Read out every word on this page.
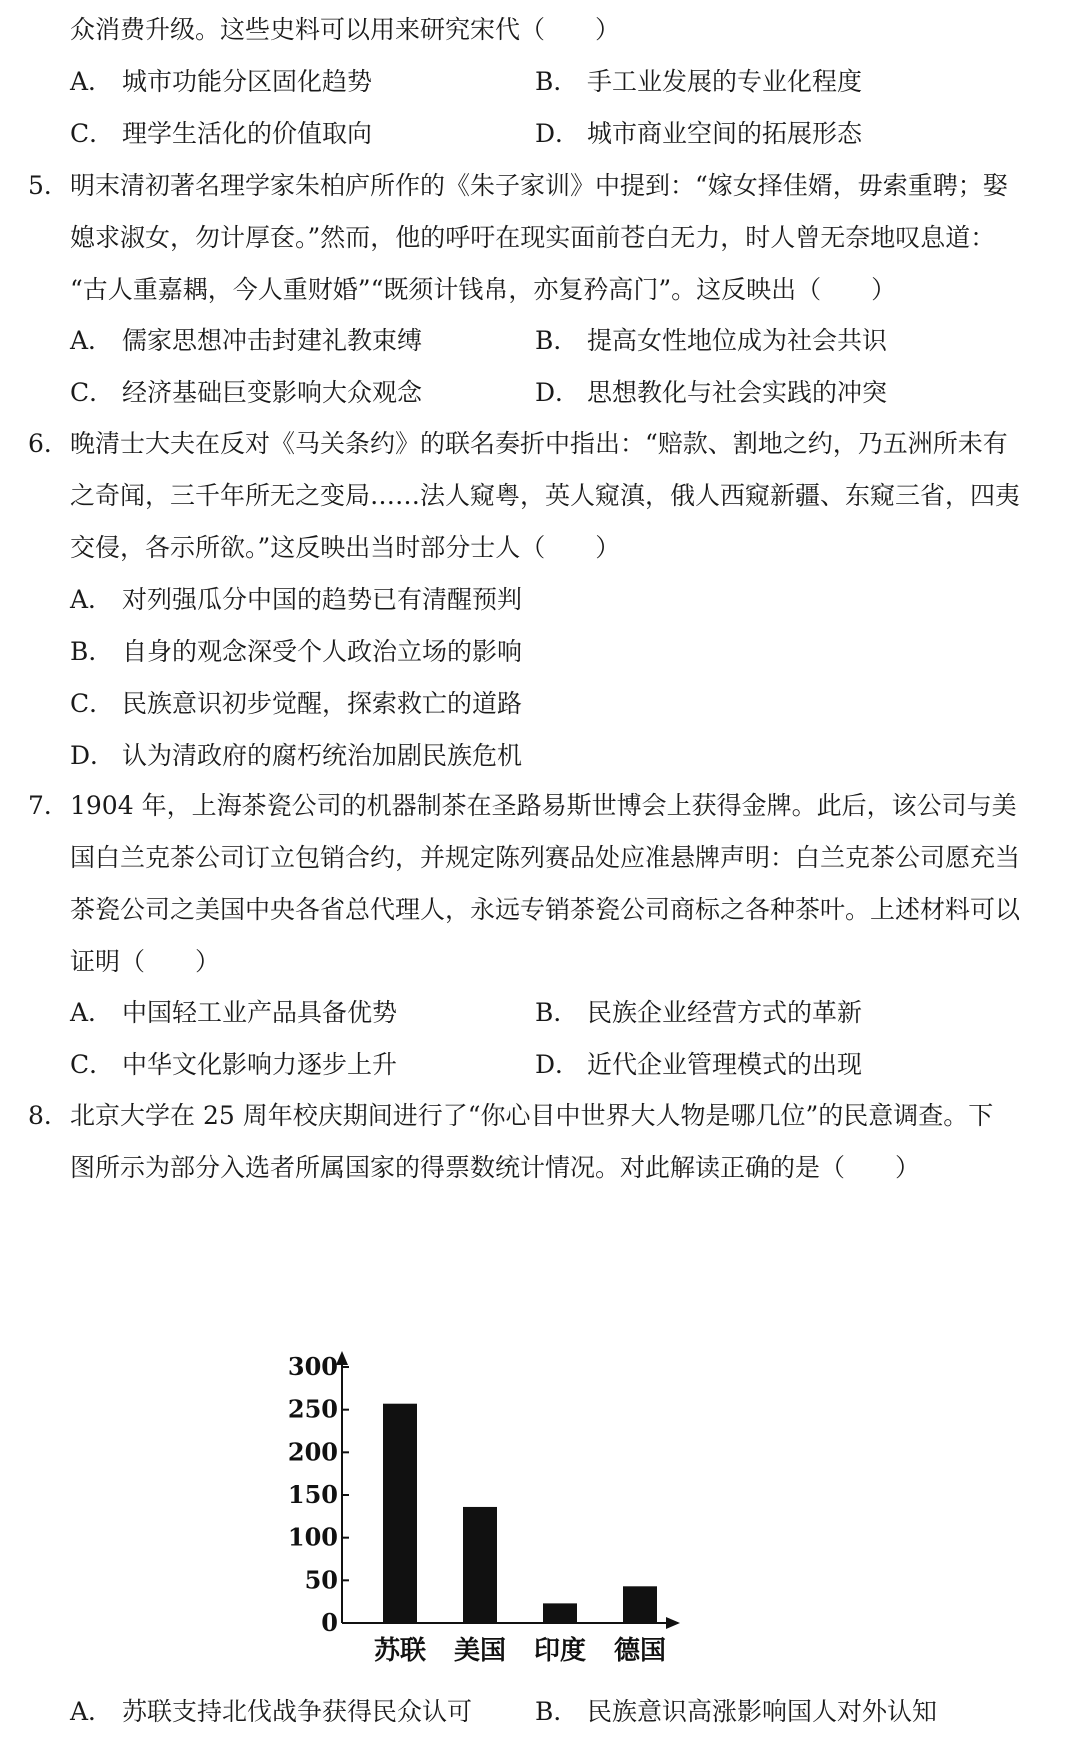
众消费升级。这些史料可以用来研究宋代（　　）
A． 城市功能分区固化趋势	B． 手工业发展的专业化程度
C． 理学生活化的价值取向	D． 城市商业空间的拓展形态
5． 明末清初著名理学家朱柏庐所作的《朱子家训》中提到：“嫁女择佳婿，毋索重聘；娶
媳求淑女，勿计厚奁。”然而，他的呼吁在现实面前苍白无力，时人曾无奈地叹息道：
“古人重嘉耦，今人重财婚”“既须计钱帛，亦复矜高门”。这反映出（　　）
A． 儒家思想冲击封建礼教束缚	B． 提高女性地位成为社会共识
C． 经济基础巨变影响大众观念	D． 思想教化与社会实践的冲突
6． 晚清士大夫在反对《马关条约》的联名奏折中指出：“赔款、割地之约，乃五洲所未有
之奇闻，三千年所无之变局……法人窥粤，英人窥滇，俄人西窥新疆、东窥三省，四夷
交侵，各示所欲。”这反映出当时部分士人（　　）
A． 对列强瓜分中国的趋势已有清醒预判
B． 自身的观念深受个人政治立场的影响
C． 民族意识初步觉醒，探索救亡的道路
D． 认为清政府的腐朽统治加剧民族危机
7． 1904 年，上海茶瓷公司的机器制茶在圣路易斯世博会上获得金牌。此后，该公司与美
国白兰克茶公司订立包销合约，并规定陈列赛品处应准悬牌声明：白兰克茶公司愿充当
茶瓷公司之美国中央各省总代理人，永远专销茶瓷公司商标之各种茶叶。上述材料可以
证明（　　）
A． 中国轻工业产品具备优势	B． 民族企业经营方式的革新
C． 中华文化影响力逐步上升	D． 近代企业管理模式的出现
8． 北京大学在 25 周年校庆期间进行了“你心目中世界大人物是哪几位”的民意调查。下
图所示为部分入选者所属国家的得票数统计情况。对此解读正确的是（　　）
0
50
100
150
200
250
300
苏联 美国 印度 德国
A． 苏联支持北伐战争获得民众认可	B． 民族意识高涨影响国人对外认知
